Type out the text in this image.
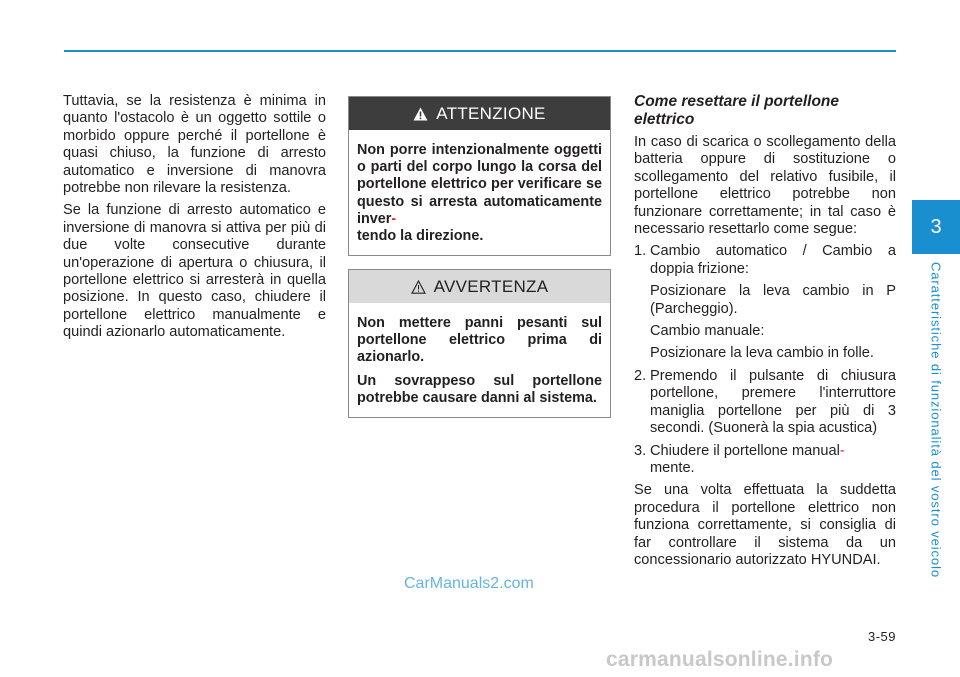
Tuttavia, se la resistenza è minima in quanto l'ostacolo è un oggetto sottile o morbido oppure perché il portellone è quasi chiuso, la funzione di arresto automatico e inversione di manovra potrebbe non rilevare la resistenza.

Se la funzione di arresto automatico e inversione di manovra si attiva per più di due volte consecutive durante un'operazione di apertura o chiusura, il portellone elettrico si arresterà in quella posizione. In questo caso, chiudere il portellone elettrico manualmente e quindi azionarlo automaticamente.

ATTENZIONE

Non porre intenzionalmente oggetti o parti del corpo lungo la corsa del portellone elettrico per verificare se questo si arresta automaticamente inver-
tendo la direzione.

AVVERTENZA

Non mettere panni pesanti sul portellone elettrico prima di azionarlo.

Un sovrappeso sul portellone potrebbe causare danni al sistema.

Come resettare il portellone elettrico

In caso di scarica o scollegamento della batteria oppure di sostituzione o scollegamento del relativo fusibile, il portellone elettrico potrebbe non funzionare correttamente; in tal caso è necessario resettarlo come segue:

1. Cambio automatico / Cambio a doppia frizione:

Posizionare la leva cambio in P (Parcheggio).

Cambio manuale:

Posizionare la leva cambio in folle.

2. Premendo il pulsante di chiusura portellone, premere l'interruttore maniglia portellone per più di 3 secondi. (Suonerà la spia acustica)

3. Chiudere il portellone manual-
mente.

Se una volta effettuata la suddetta procedura il portellone elettrico non funziona correttamente, si consiglia di far controllare il sistema da un concessionario autorizzato HYUNDAI.

3
Caratteristiche di funzionalità del vostro veicolo
3-59
CarManuals2.com
carmanualsonline.info
